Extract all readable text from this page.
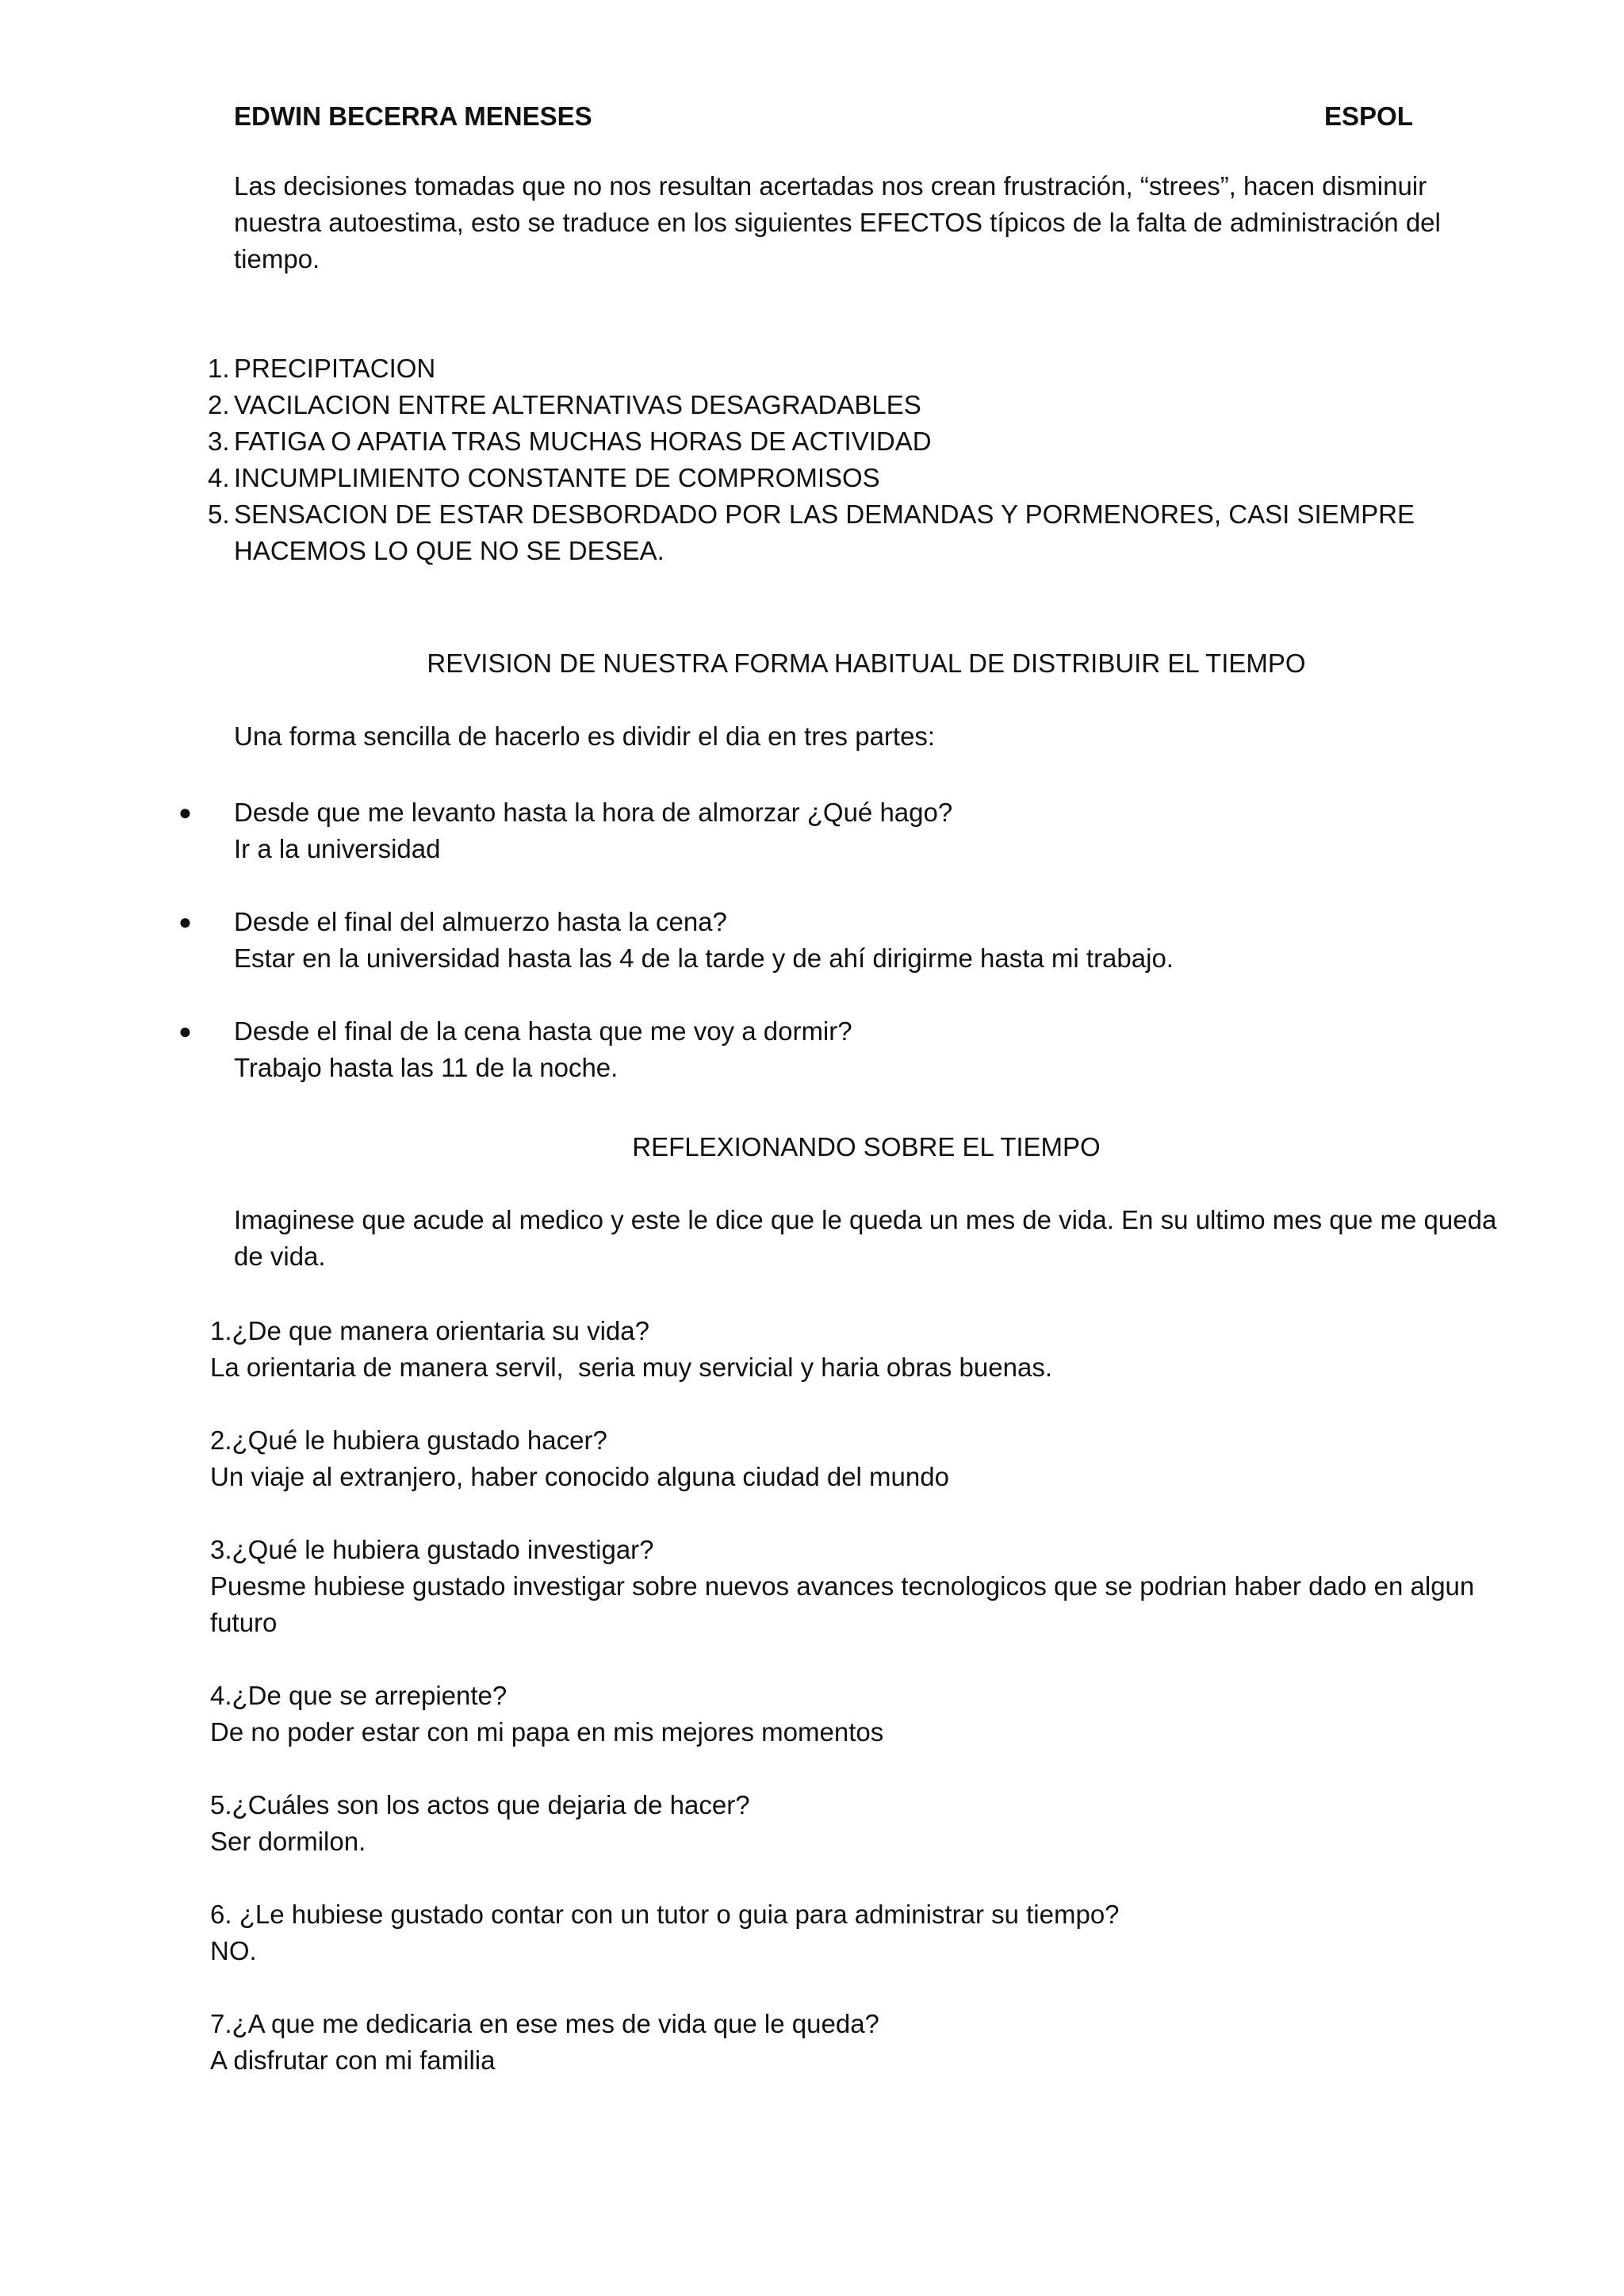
EDWIN BECERRA MENESES	ESPOL
Las decisiones tomadas que no nos resultan acertadas nos crean frustración, “strees”, hacen disminuir nuestra autoestima, esto se traduce en los siguientes EFECTOS típicos de la falta de administración del tiempo.
1. PRECIPITACION
2. VACILACION ENTRE ALTERNATIVAS DESAGRADABLES
3. FATIGA O APATIA TRAS MUCHAS HORAS DE ACTIVIDAD
4. INCUMPLIMIENTO CONSTANTE DE COMPROMISOS
5. SENSACION DE ESTAR DESBORDADO POR LAS DEMANDAS Y PORMENORES, CASI SIEMPRE HACEMOS LO QUE NO SE DESEA.
REVISION DE NUESTRA FORMA HABITUAL DE DISTRIBUIR EL TIEMPO
Una forma sencilla de hacerlo es dividir el dia en tres partes:
●	Desde que me levanto hasta la hora de almorzar ¿Qué hago?
Ir a la universidad
●	Desde el final del almuerzo hasta la cena?
Estar en la universidad hasta las 4 de la tarde y de ahí dirigirme hasta mi trabajo.
●	Desde el final de la cena hasta que me voy a dormir?
Trabajo hasta las 11 de la noche.
REFLEXIONANDO SOBRE EL TIEMPO
Imaginese que acude al medico y este le dice que le queda un mes de vida. En su ultimo mes que me queda de vida.
1.¿De que manera orientaria su vida?
La orientaria de manera servil,  seria muy servicial y haria obras buenas.
2.¿Qué le hubiera gustado hacer?
Un viaje al extranjero, haber conocido alguna ciudad del mundo
3.¿Qué le hubiera gustado investigar?
Puesme hubiese gustado investigar sobre nuevos avances tecnologicos que se podrian haber dado en algun futuro
4.¿De que se arrepiente?
De no poder estar con mi papa en mis mejores momentos
5.¿Cuáles son los actos que dejaria de hacer?
Ser dormilon.
6. ¿Le hubiese gustado contar con un tutor o guia para administrar su tiempo?
NO.
7.¿A que me dedicaria en ese mes de vida que le queda?
A disfrutar con mi familia
